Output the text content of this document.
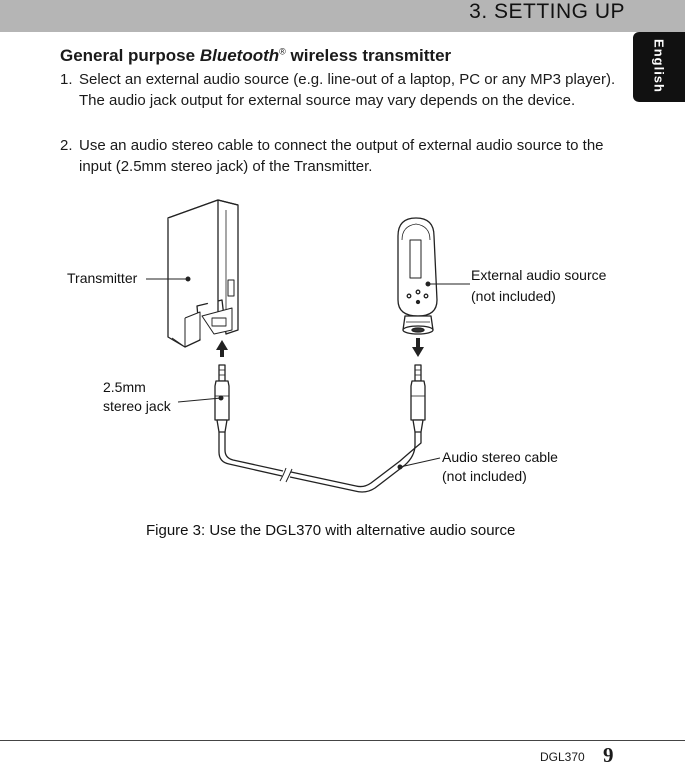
3. SETTING UP
English
General purpose Bluetooth® wireless transmitter
1. Select an external audio source (e.g. line-out of a laptop, PC or any MP3 player). The audio jack output for external source may vary depends on the device.
2. Use an audio stereo cable to connect the output of external audio source to the input (2.5mm stereo jack) of the Transmitter.
Transmitter	External audio source
(not included)
2.5mm
stereo jack
Audio stereo cable
(not included)
Figure 3: Use the DGL370 with alternative audio source
DGL370 9
